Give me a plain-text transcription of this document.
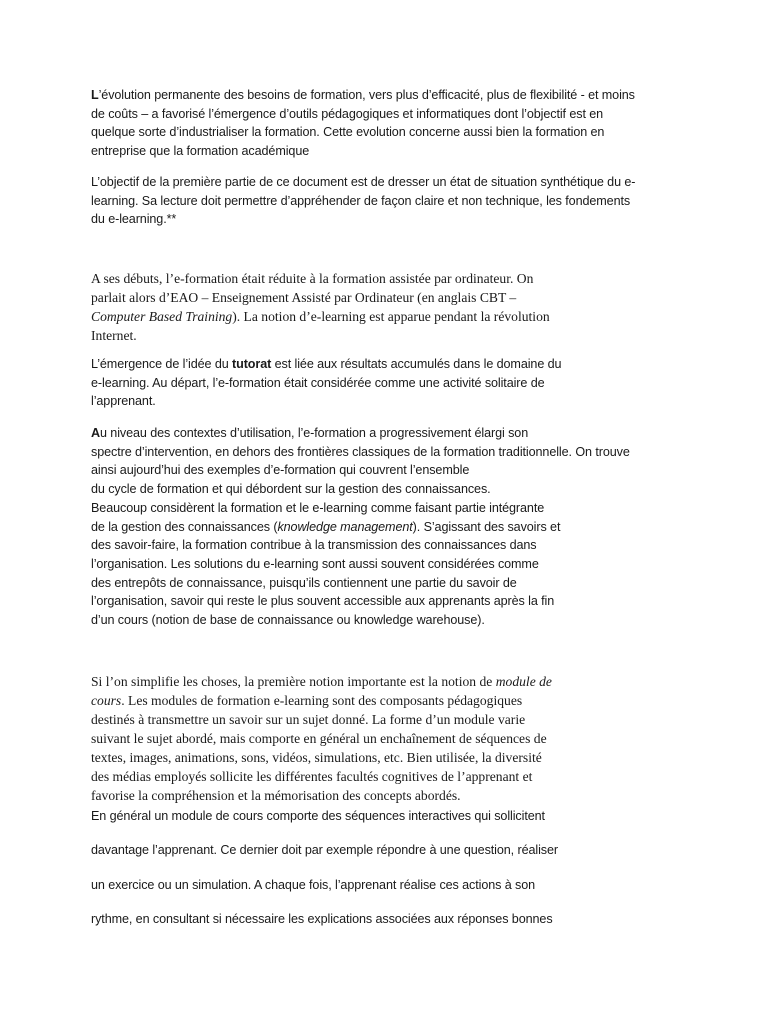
L’évolution permanente des besoins de formation, vers plus d’efficacité, plus de flexibilité - et moins
de coûts – a favorisé l’émergence d’outils pédagogiques et informatiques dont l’objectif est en
quelque sorte d’industrialiser la formation. Cette evolution concerne aussi bien la formation en
entreprise que la formation académique
L’objectif de la première partie de ce document est de dresser un état de situation synthétique du e-
learning. Sa lecture doit permettre d’appréhender de façon claire et non technique, les fondements
du e-learning.**
A ses débuts, l’e-formation était réduite à la formation assistée par ordinateur. On
parlait alors d’EAO – Enseignement Assisté par Ordinateur (en anglais CBT –
Computer Based Training). La notion d’e-learning est apparue pendant la révolution
Internet.
L’émergence de l’idée du tutorat est liée aux résultats accumulés dans le domaine du
e-learning. Au départ, l’e-formation était considérée comme une activité solitaire de
l’apprenant.
Au niveau des contextes d’utilisation, l’e-formation a progressivement élargi son
spectre d’intervention, en dehors des frontières classiques de la formation traditionnelle. On trouve
ainsi aujourd’hui des exemples d’e-formation qui couvrent l’ensemble
du cycle de formation et qui débordent sur la gestion des connaissances.
Beaucoup considèrent la formation et le e-learning comme faisant partie intégrante
de la gestion des connaissances (knowledge management). S’agissant des savoirs et
des savoir-faire, la formation contribue à la transmission des connaissances dans
l’organisation. Les solutions du e-learning sont aussi souvent considérées comme
des entrepôts de connaissance, puisqu’ils contiennent une partie du savoir de
l’organisation, savoir qui reste le plus souvent accessible aux apprenants après la fin
d’un cours (notion de base de connaissance ou knowledge warehouse).
Si l’on simplifie les choses, la première notion importante est la notion de module de
cours. Les modules de formation e-learning sont des composants pédagogiques
destinés à transmettre un savoir sur un sujet donné. La forme d’un module varie
suivant le sujet abordé, mais comporte en général un enchaînement de séquences de
textes, images, animations, sons, vidéos, simulations, etc. Bien utilisée, la diversité
des médias employés sollicite les différentes facultés cognitives de l’apprenant et
favorise la compréhension et la mémorisation des concepts abordés.
En général un module de cours comporte des séquences interactives qui sollicitent
davantage l’apprenant. Ce dernier doit par exemple répondre à une question, réaliser
un exercice ou un simulation. A chaque fois, l’apprenant réalise ces actions à son
rythme, en consultant si nécessaire les explications associées aux réponses bonnes
